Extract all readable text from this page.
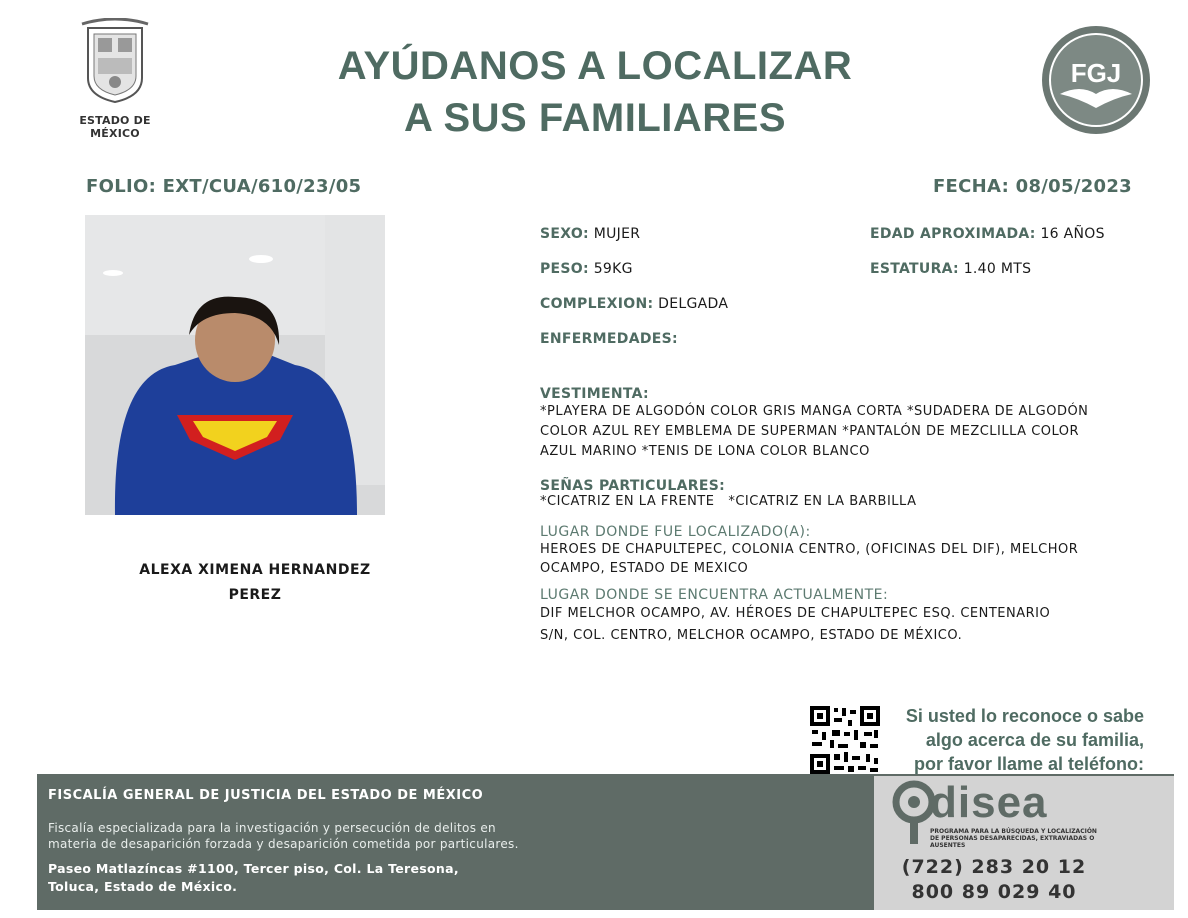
ESTADO DE MÉXICO
AYÚDANOS A LOCALIZAR
A SUS FAMILIARES
FGJ
FOLIO: EXT/CUA/610/23/05	FECHA: 08/05/2023
ALEXA XIMENA HERNANDEZ
PEREZ
SEXO: MUJER	EDAD APROXIMADA: 16 AÑOS
PESO: 59KG	ESTATURA: 1.40 MTS
COMPLEXION: DELGADA
ENFERMEDADES:
VESTIMENTA:
*PLAYERA DE ALGODÓN COLOR GRIS MANGA CORTA *SUDADERA DE ALGODÓN
COLOR AZUL REY EMBLEMA DE SUPERMAN *PANTALÓN DE MEZCLILLA COLOR
AZUL MARINO *TENIS DE LONA COLOR BLANCO
SEÑAS PARTICULARES:
*CICATRIZ EN LA FRENTE   *CICATRIZ EN LA BARBILLA
LUGAR DONDE FUE LOCALIZADO(A):
HEROES DE CHAPULTEPEC, COLONIA CENTRO, (OFICINAS DEL DIF), MELCHOR
OCAMPO, ESTADO DE MEXICO
LUGAR DONDE SE ENCUENTRA ACTUALMENTE:
DIF MELCHOR OCAMPO, AV. HÉROES DE CHAPULTEPEC ESQ. CENTENARIO
S/N, COL. CENTRO, MELCHOR OCAMPO, ESTADO DE MÉXICO.
Si usted lo reconoce o sabe
algo acerca de su familia,
por favor llame al teléfono:
FISCALÍA GENERAL DE JUSTICIA DEL ESTADO DE MÉXICO
Fiscalía especializada para la investigación y persecución de delitos en
materia de desaparición forzada y desaparición cometida por particulares.
Paseo Matlazíncas #1100, Tercer piso, Col. La Teresona,
Toluca, Estado de México.
disea
PROGRAMA PARA LA BÚSQUEDA Y LOCALIZACIÓN
DE PERSONAS DESAPARECIDAS, EXTRAVIADAS O
AUSENTES
(722) 283 20 12
800 89 029 40
